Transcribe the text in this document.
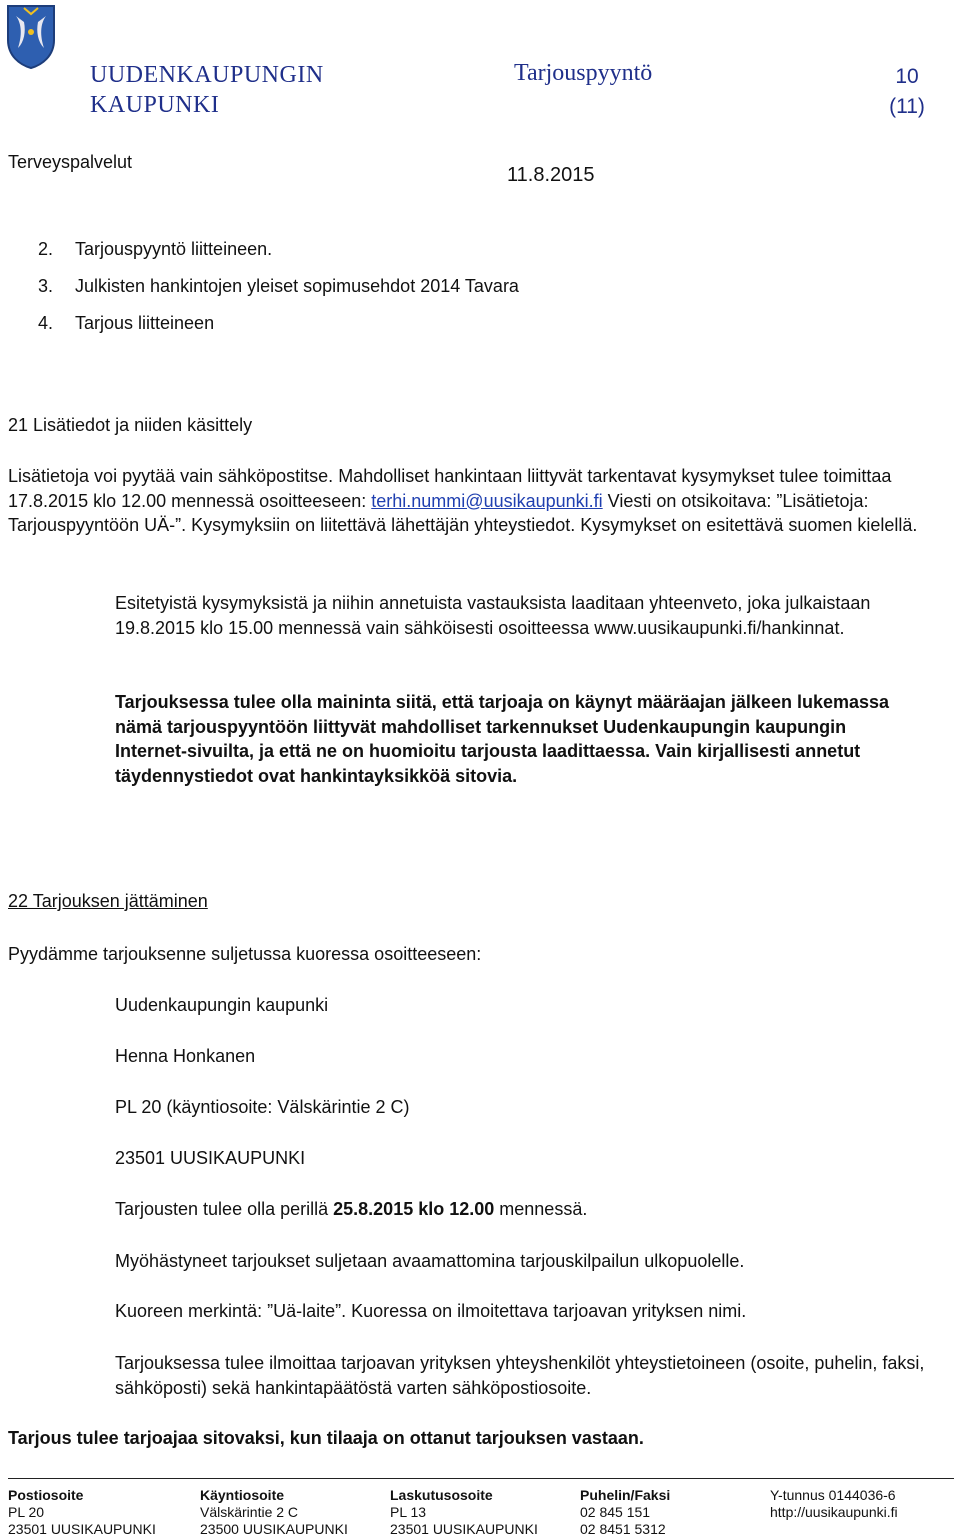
UUDENKAUPUNGIN
KAUPUNKI
Tarjouspyyntö	10
(11)
Terveyspalvelut
11.8.2015
2. Tarjouspyyntö liitteineen.
3. Julkisten hankintojen yleiset sopimusehdot 2014 Tavara
4. Tarjous liitteineen
21 Lisätiedot ja niiden käsittely
Lisätietoja voi pyytää vain sähköpostitse. Mahdolliset hankintaan liittyvät tarkentavat kysymykset tulee toimittaa 17.8.2015 klo 12.00 mennessä osoitteeseen: terhi.nummi@uusikaupunki.fi Viesti on otsikoitava: ”Lisätietoja: Tarjouspyyntöön UÄ-”. Kysymyksiin on liitettävä lähettäjän yhteystiedot. Kysymykset on esitettävä suomen kielellä.
Esitetyistä kysymyksistä ja niihin annetuista vastauksista laaditaan yhteenveto, joka julkaistaan 19.8.2015 klo 15.00 mennessä vain sähköisesti osoitteessa www.uusikaupunki.fi/hankinnat.
Tarjouksessa tulee olla maininta siitä, että tarjoaja on käynyt määräajan jälkeen lukemassa nämä tarjouspyyntöön liittyvät mahdolliset tarkennukset Uudenkaupungin kaupungin Internet-sivuilta, ja että ne on huomioitu tarjousta laadittaessa. Vain kirjallisesti annetut täydennystiedot ovat hankintayksikköä sitovia.
22 Tarjouksen jättäminen
Pyydämme tarjouksenne suljetussa kuoressa osoitteeseen:
Uudenkaupungin kaupunki
Henna Honkanen
PL 20 (käyntiosoite: Välskärintie 2 C)
23501 UUSIKAUPUNKI
Tarjousten tulee olla perillä 25.8.2015 klo 12.00 mennessä.
Myöhästyneet tarjoukset suljetaan avaamattomina tarjouskilpailun ulkopuolelle.
Kuoreen merkintä: ”Uä-laite”. Kuoressa on ilmoitettava tarjoavan yrityksen nimi.
Tarjouksessa tulee ilmoittaa tarjoavan yrityksen yhteyshenkilöt yhteystietoineen (osoite, puhelin, faksi, sähköposti) sekä hankintapäätöstä varten sähköpostiosoite.
Tarjous tulee tarjoajaa sitovaksi, kun tilaaja on ottanut tarjouksen vastaan.
Postiosoite
PL 20
23501 UUSIKAUPUNKI
Käyntiosoite
Välskärintie 2 C
23500 UUSIKAUPUNKI
Laskutusosoite
PL 13
23501 UUSIKAUPUNKI
Puhelin/Faksi
02 845 151
02 8451 5312
Y-tunnus 0144036-6
http://uusikaupunki.fi
